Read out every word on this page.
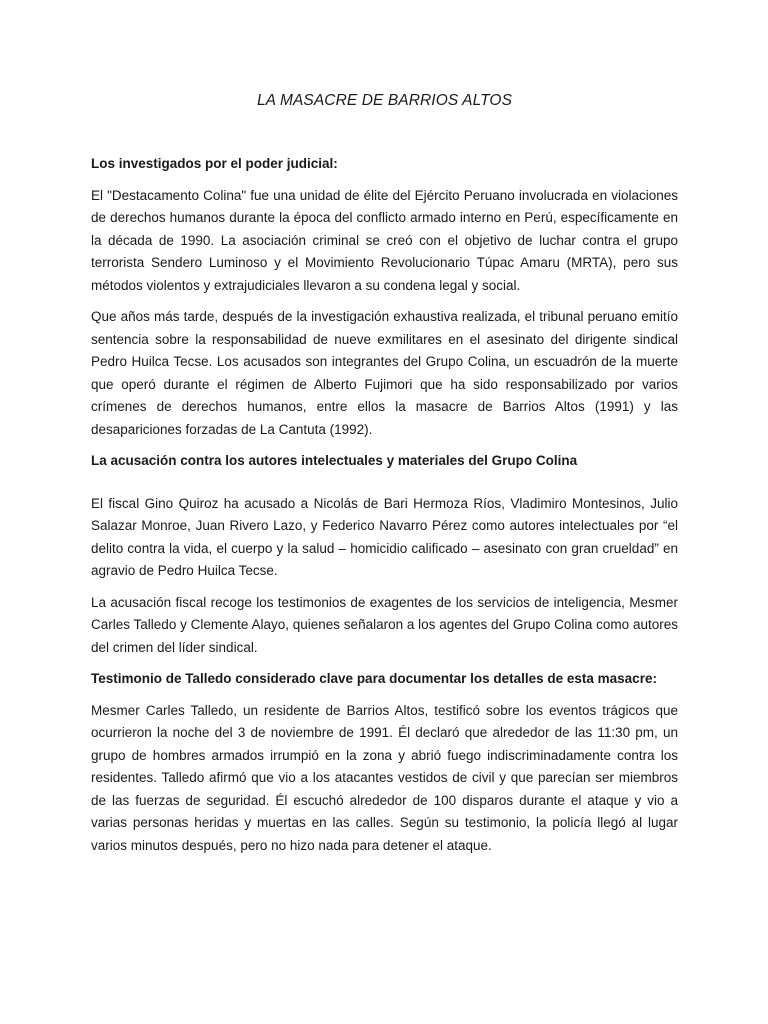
LA MASACRE DE BARRIOS ALTOS
Los investigados por el poder judicial:

El "Destacamento Colina" fue una unidad de élite del Ejército Peruano involucrada en violaciones de derechos humanos durante la época del conflicto armado interno en Perú, específicamente en la década de 1990. La asociación criminal se creó con el objetivo de luchar contra el grupo terrorista Sendero Luminoso y el Movimiento Revolucionario Túpac Amaru (MRTA), pero sus métodos violentos y extrajudiciales llevaron a su condena legal y social.

Que años más tarde, después de la investigación exhaustiva realizada, el tribunal peruano emitío sentencia sobre la responsabilidad de nueve exmilitares en el asesinato del dirigente sindical Pedro Huilca Tecse. Los acusados son integrantes del Grupo Colina, un escuadrón de la muerte que operó durante el régimen de Alberto Fujimori que ha sido responsabilizado por varios crímenes de derechos humanos, entre ellos la masacre de Barrios Altos (1991) y las desapariciones forzadas de La Cantuta (1992).

La acusación contra los autores intelectuales y materiales del Grupo Colina

El fiscal Gino Quiroz ha acusado a Nicolás de Bari Hermoza Ríos, Vladimiro Montesinos, Julio Salazar Monroe, Juan Rivero Lazo, y Federico Navarro Pérez como autores intelectuales por “el delito contra la vida, el cuerpo y la salud – homicidio calificado – asesinato con gran crueldad” en agravio de Pedro Huilca Tecse.

La acusación fiscal recoge los testimonios de exagentes de los servicios de inteligencia, Mesmer Carles Talledo y Clemente Alayo, quienes señalaron a los agentes del Grupo Colina como autores del crimen del líder sindical.

Testimonio de Talledo considerado clave para documentar los detalles de esta masacre:

Mesmer Carles Talledo, un residente de Barrios Altos, testificó sobre los eventos trágicos que ocurrieron la noche del 3 de noviembre de 1991. Él declaró que alrededor de las 11:30 pm, un grupo de hombres armados irrumpió en la zona y abrió fuego indiscriminadamente contra los residentes. Talledo afirmó que vio a los atacantes vestidos de civil y que parecían ser miembros de las fuerzas de seguridad. Él escuchó alrededor de 100 disparos durante el ataque y vio a varias personas heridas y muertas en las calles. Según su testimonio, la policía llegó al lugar varios minutos después, pero no hizo nada para detener el ataque.
